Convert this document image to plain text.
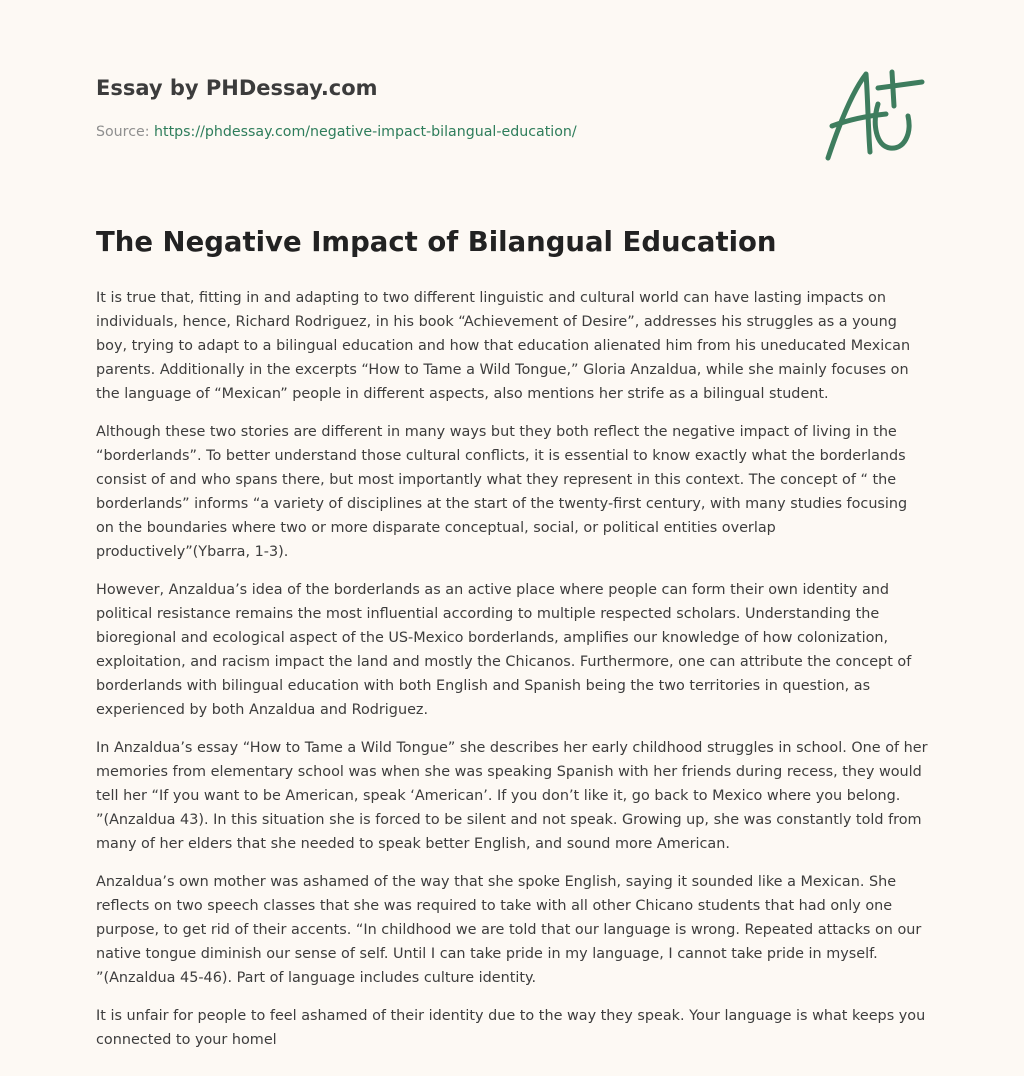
Essay by PHDessay.com
Source: https://phdessay.com/negative-impact-bilangual-education/
The Negative Impact of Bilangual Education

It is true that, fitting in and adapting to two different linguistic and cultural world can have lasting impacts on individuals, hence, Richard Rodriguez, in his book “Achievement of Desire”, addresses his struggles as a young boy, trying to adapt to a bilingual education and how that education alienated him from his uneducated Mexican parents. Additionally in the excerpts “How to Tame a Wild Tongue,” Gloria Anzaldua, while she mainly focuses on the language of “Mexican” people in different aspects, also mentions her strife as a bilingual student.

Although these two stories are different in many ways but they both reflect the negative impact of living in the “borderlands”. To better understand those cultural conflicts, it is essential to know exactly what the borderlands consist of and who spans there, but most importantly what they represent in this context. The concept of “ the borderlands” informs “a variety of disciplines at the start of the twenty-first century, with many studies focusing on the boundaries where two or more disparate conceptual, social, or political entities overlap productively”(Ybarra, 1-3).

However, Anzaldua’s idea of the borderlands as an active place where people can form their own identity and political resistance remains the most influential according to multiple respected scholars. Understanding the bioregional and ecological aspect of the US-Mexico borderlands, amplifies our knowledge of how colonization, exploitation, and racism impact the land and mostly the Chicanos. Furthermore, one can attribute the concept of borderlands with bilingual education with both English and Spanish being the two territories in question, as experienced by both Anzaldua and Rodriguez.

In Anzaldua’s essay “How to Tame a Wild Tongue” she describes her early childhood struggles in school. One of her memories from elementary school was when she was speaking Spanish with her friends during recess, they would tell her “If you want to be American, speak ‘American’. If you don’t like it, go back to Mexico where you belong. ”(Anzaldua 43). In this situation she is forced to be silent and not speak. Growing up, she was constantly told from many of her elders that she needed to speak better English, and sound more American.

Anzaldua’s own mother was ashamed of the way that she spoke English, saying it sounded like a Mexican. She reflects on two speech classes that she was required to take with all other Chicano students that had only one purpose, to get rid of their accents. “In childhood we are told that our language is wrong. Repeated attacks on our native tongue diminish our sense of self. Until I can take pride in my language, I cannot take pride in myself. ”(Anzaldua 45-46). Part of language includes culture identity.

It is unfair for people to feel ashamed of their identity due to the way they speak. Your language is what keeps you connected to your homel
